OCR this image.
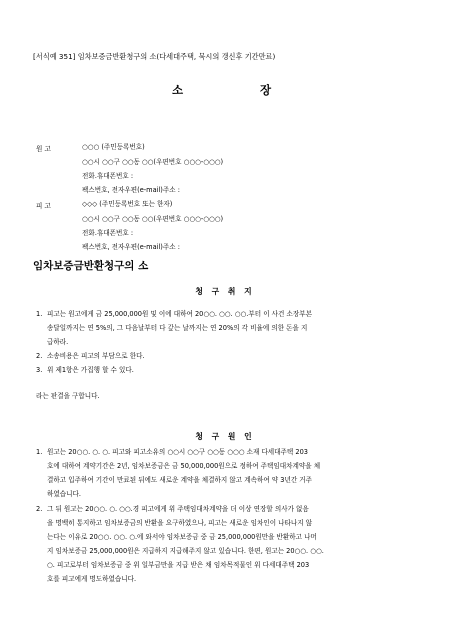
[서식예 351] 임차보증금반환청구의 소(다세대주택, 묵시의 갱신후 기간만료)
소	장
원 고	○○○ (주민등록번호)
○○시 ○○구 ○○동 ○○(우편번호 ○○○-○○○)
전화․휴대폰번호 :
팩스번호, 전자우편(e-mail)주소 :
피 고	◇◇◇ (주민등록번호 또는 한자)
○○시 ○○구 ○○동 ○○(우편번호 ○○○-○○○)
전화․휴대폰번호 :
팩스번호, 전자우편(e-mail)주소 :
임차보증금반환청구의 소
청 구 취 지
1. 피고는 원고에게 금 25,000,000원 및 이에 대하여 20○○. ○○. ○○.부터 이 사건 소장부본
송달일까지는 연 5%의, 그 다음날부터 다 갚는 날까지는 연 20%의 각 비율에 의한 돈을 지
급하라.
2. 소송비용은 피고의 부담으로 한다.
3. 위 제1항은 가집행 할 수 있다.
라는 판결을 구합니다.
청 구 원 인
1. 원고는 20○○. ○. ○. 피고와 피고소유의 ○○시 ○○구 ○○동 ○○○ 소재 다세대주택 203
호에 대하여 계약기간은 2년, 임차보증금은 금 50,000,000원으로 정하여 주택임대차계약을 체
결하고 입주하여 기간이 만료된 뒤에도 새로운 계약을 체결하지 않고 계속하여 약 3년간 거주
하였습니다.
2. 그 뒤 원고는 20○○. ○. ○○.경 피고에게 위 주택임대차계약을 더 이상 연장할 의사가 없음
을 명백히 통지하고 임차보증금의 반환을 요구하였으나, 피고는 새로운 임차인이 나타나지 않
는다는 이유로 20○○. ○○. ○.에 와서야 임차보증금 중 금 25,000,000원만을 반환하고 나머
지 임차보증금 25,000,000원은 지급하지 지급해주지 않고 있습니다. 한편, 원고는 20○○. ○○.
○. 피고로부터 임차보증금 중 위 일부금만을 지급 받은 채 임차목적물인 위 다세대주택 203
호를 피고에게 명도하였습니다.
